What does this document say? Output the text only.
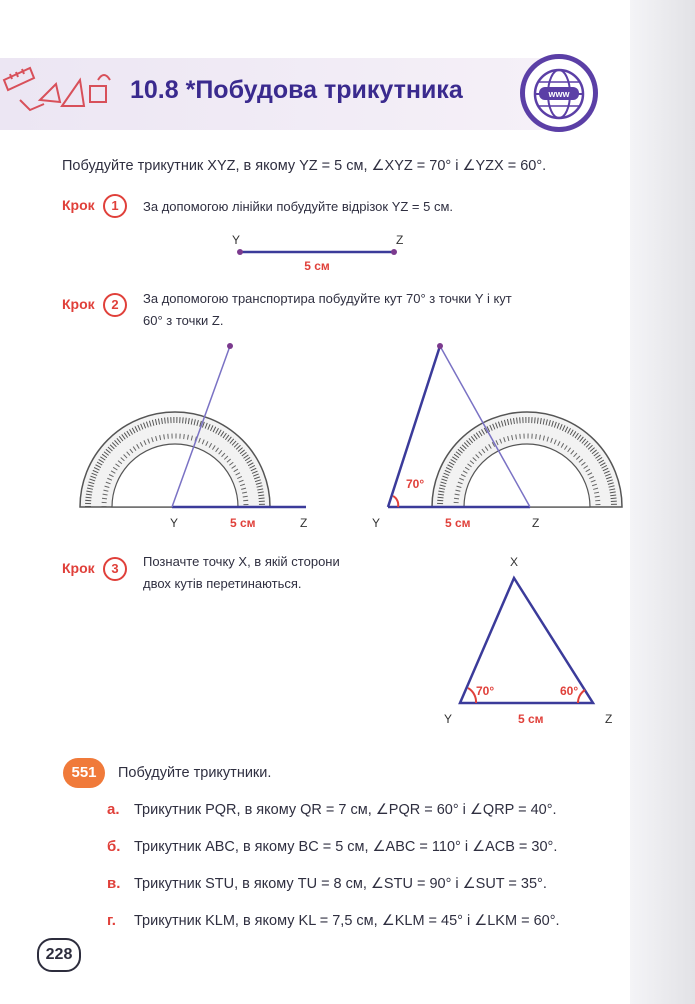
10.8 *Побудова трикутника	www
Побудуйте трикутник XYZ, в якому YZ = 5 см, ∠XYZ = 70° і ∠YZX = 60°.
Крок	1	За допомогою лінійки побудуйте відрізок YZ = 5 см.
Y	Z
5 см
Крок	2	За допомогою транспортира побудуйте кут 70° з точки Y і кут
60° з точки Z.
Y	5 см	Z
70°
Y	5 см	Z
Крок	3	Позначте точку X, в якій сторони
двох кутів перетинаються.
X
Y	Z
70°	60°
5 см
551	Побудуйте трикутники.
а. Трикутник PQR, в якому QR = 7 см, ∠PQR = 60° і ∠QRP = 40°.
б. Трикутник ABC, в якому BC = 5 см, ∠ABC = 110° і ∠ACB = 30°.
в. Трикутник STU, в якому TU = 8 см, ∠STU = 90° і ∠SUT = 35°.
г. Трикутник KLM, в якому KL = 7,5 см, ∠KLM = 45° і ∠LKM = 60°.
228
